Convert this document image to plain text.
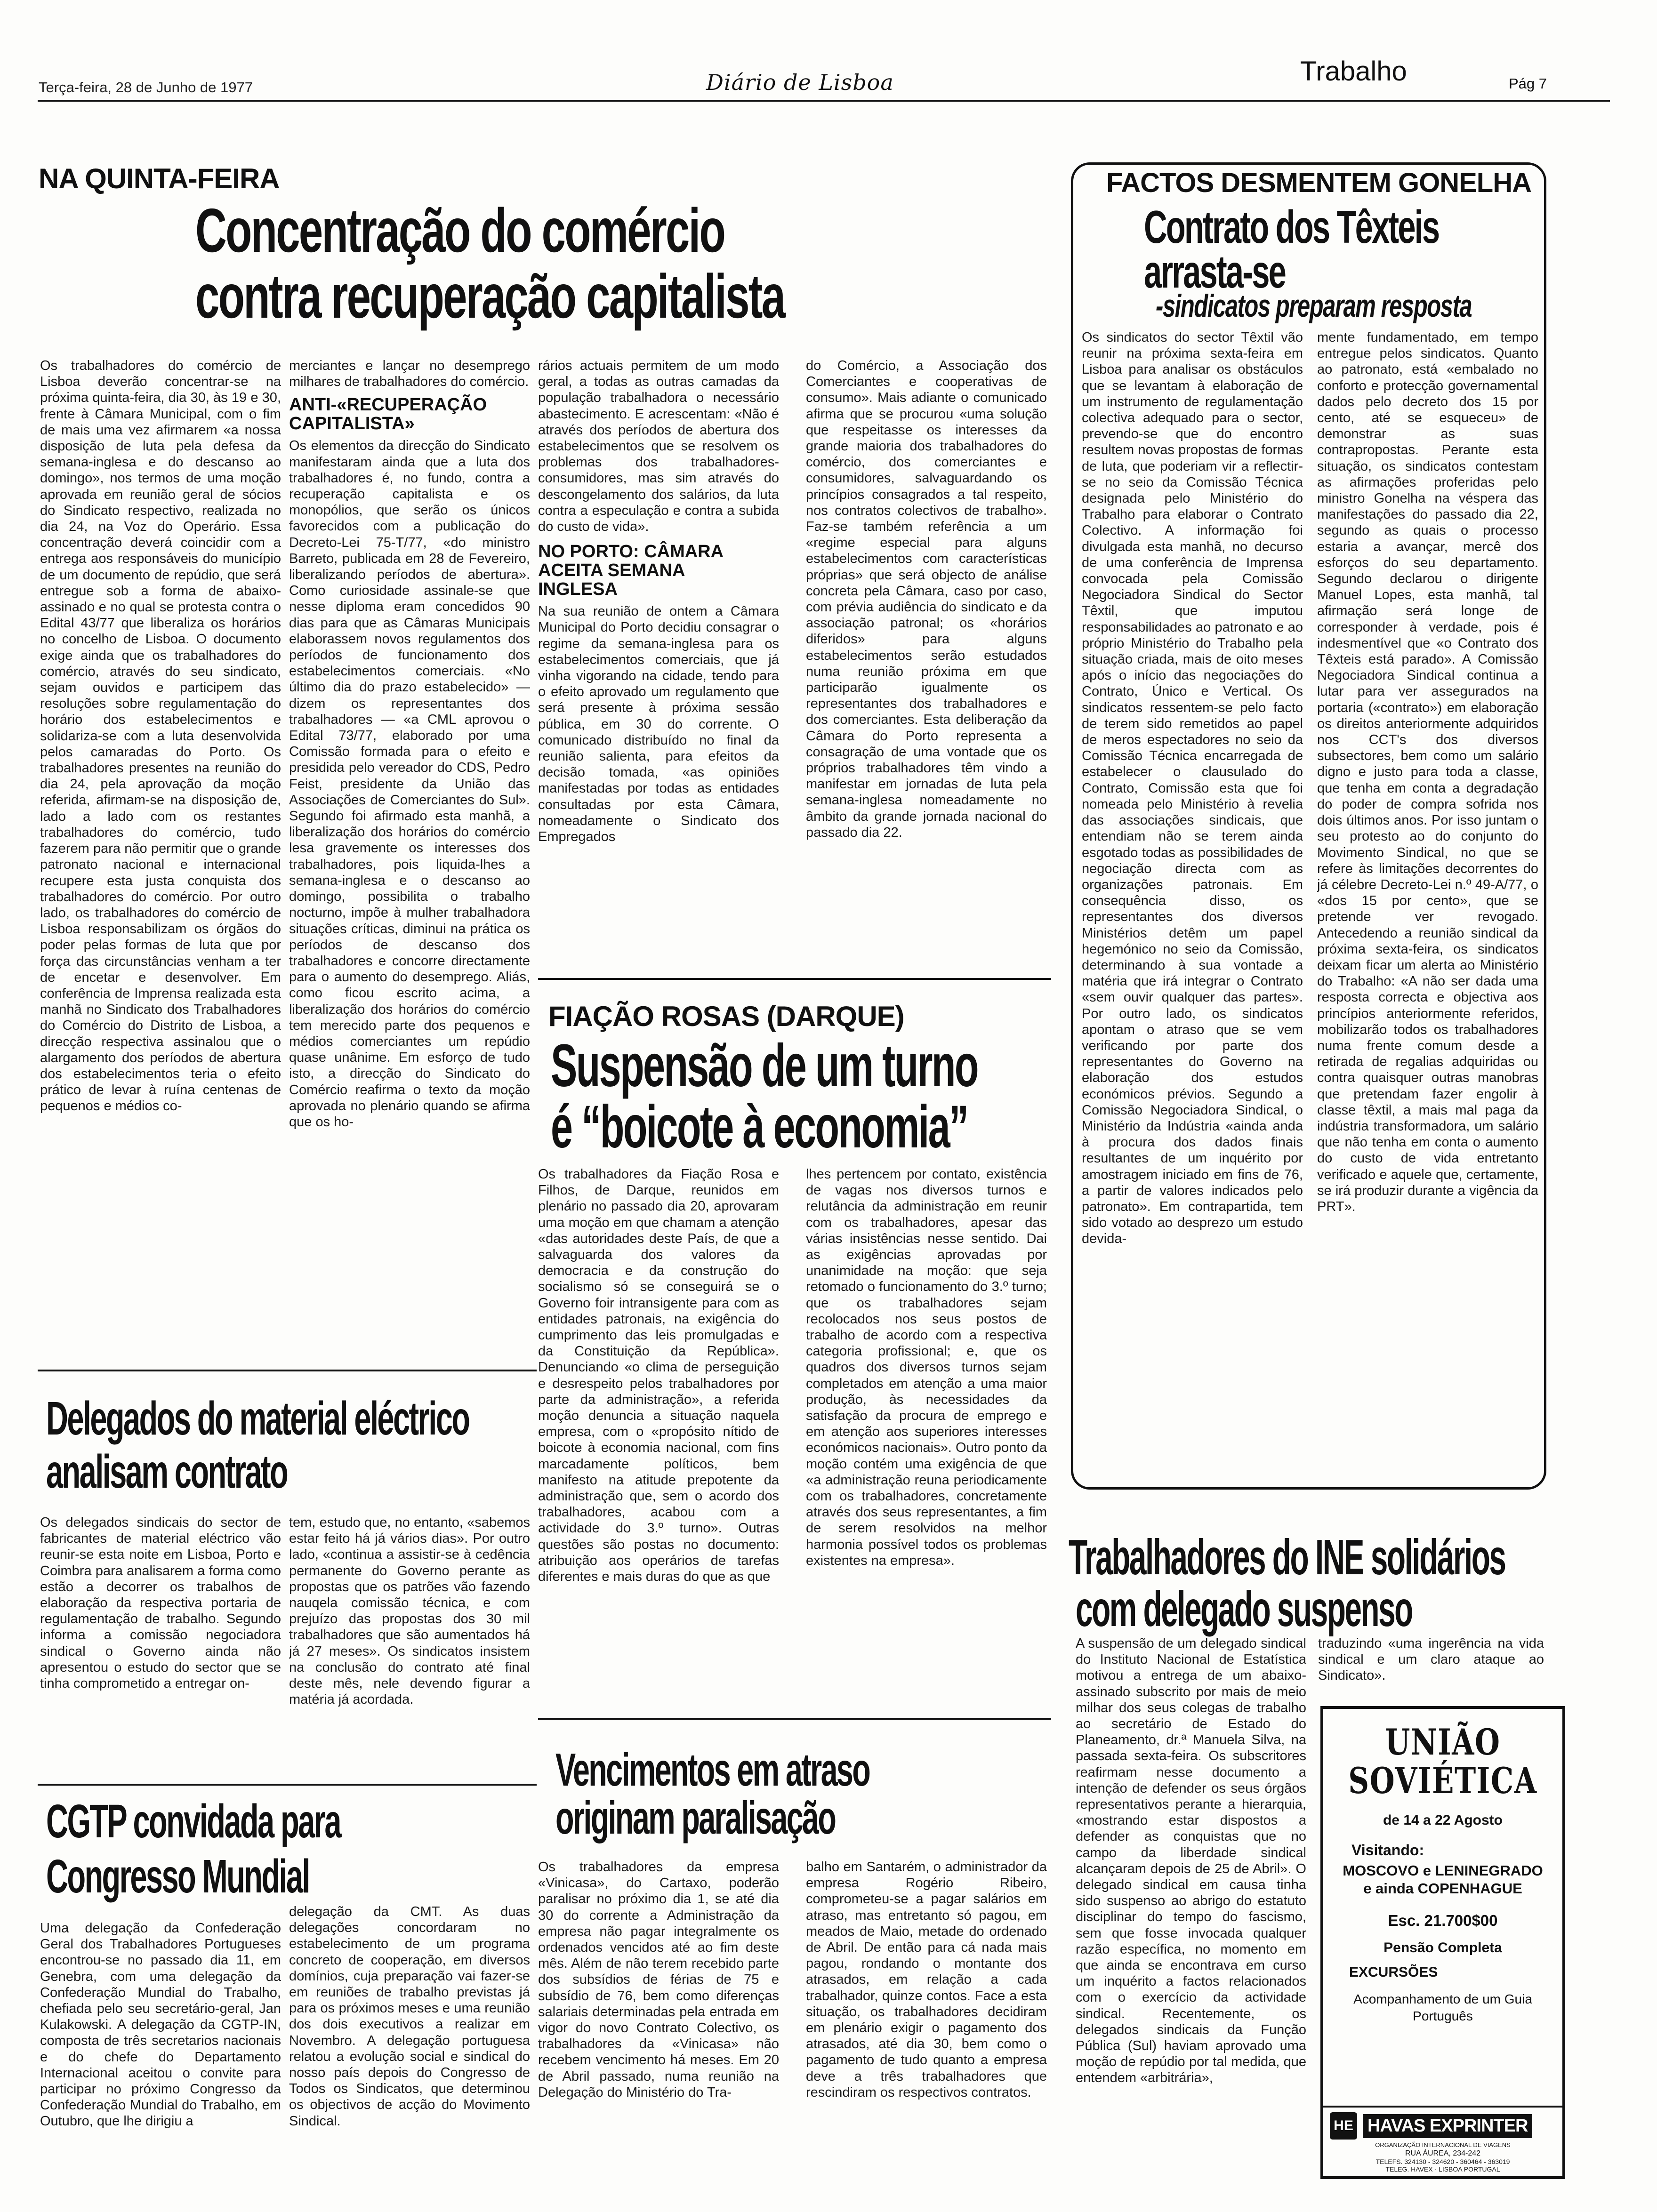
Terça-feira, 28 de Junho de 1977	Diário de Lisboa	Trabalho	Pág 7
NA QUINTA-FEIRA
Concentração do comércio
contra recuperação capitalista
Os trabalhadores do comércio de Lisboa deverão concentrar-se na próxima quinta-feira, dia 30, às 19 e 30, frente à Câmara Municipal, com o fim de mais uma vez afirmarem «a nossa disposição de luta pela defesa da semana-inglesa e do descanso ao domingo», nos termos de uma moção aprovada em reunião geral de sócios do Sindicato respectivo, realizada no dia 24, na Voz do Operário. Essa concentração deverá coincidir com a entrega aos responsáveis do município de um documento de repúdio, que será entregue sob a forma de abaixo-assinado e no qual se protesta contra o Edital 43/77 que liberaliza os horários no concelho de Lisboa. O documento exige ainda que os trabalhadores do comércio, através do seu sindicato, sejam ouvidos e participem das resoluções sobre regulamentação do horário dos estabelecimentos e solidariza-se com a luta desenvolvida pelos camaradas do Porto. Os trabalhadores presentes na reunião do dia 24, pela aprovação da moção referida, afirmam-se na disposição de, lado a lado com os restantes trabalhadores do comércio, tudo fazerem para não permitir que o grande patronato nacional e internacional recupere esta justa conquista dos trabalhadores do comércio. Por outro lado, os trabalhadores do comércio de Lisboa responsabilizam os órgãos do poder pelas formas de luta que por força das circunstâncias venham a ter de encetar e desenvolver. Em conferência de Imprensa realizada esta manhã no Sindicato dos Trabalhadores do Comércio do Distrito de Lisboa, a direcção respectiva assinalou que o alargamento dos períodos de abertura dos estabelecimentos teria o efeito prático de levar à ruína centenas de pequenos e médios co-
merciantes e lançar no desemprego milhares de trabalhadores do comércio.
ANTI-«RECUPERAÇÃO CAPITALISTA»
Os elementos da direcção do Sindicato manifestaram ainda que a luta dos trabalhadores é, no fundo, contra a recuperação capitalista e os monopólios, que serão os únicos favorecidos com a publicação do Decreto-Lei 75-T/77, «do ministro Barreto, publicada em 28 de Fevereiro, liberalizando períodos de abertura». Como curiosidade assinale-se que nesse diploma eram concedidos 90 dias para que as Câmaras Municipais elaborassem novos regulamentos dos períodos de funcionamento dos estabelecimentos comerciais. «No último dia do prazo estabelecido» — dizem os representantes dos trabalhadores — «a CML aprovou o Edital 73/77, elaborado por uma Comissão formada para o efeito e presidida pelo vereador do CDS, Pedro Feist, presidente da União das Associações de Comerciantes do Sul». Segundo foi afirmado esta manhã, a liberalização dos horários do comércio lesa gravemente os interesses dos trabalhadores, pois liquida-lhes a semana-inglesa e o descanso ao domingo, possibilita o trabalho nocturno, impõe à mulher trabalhadora situações críticas, diminui na prática os períodos de descanso dos trabalhadores e concorre directamente para o aumento do desemprego. Aliás, como ficou escrito acima, a liberalização dos horários do comércio tem merecido parte dos pequenos e médios comerciantes um repúdio quase unânime. Em esforço de tudo isto, a direcção do Sindicato do Comércio reafirma o texto da moção aprovada no plenário quando se afirma que os ho-
rários actuais permitem de um modo geral, a todas as outras camadas da população trabalhadora o necessário abastecimento. E acrescentam: «Não é através dos períodos de abertura dos estabelecimentos que se resolvem os problemas dos trabalhadores-consumidores, mas sim através do descongelamento dos salários, da luta contra a especulação e contra a subida do custo de vida».
NO PORTO: CÂMARA ACEITA SEMANA INGLESA
Na sua reunião de ontem a Câmara Municipal do Porto decidiu consagrar o regime da semana-inglesa para os estabelecimentos comerciais, que já vinha vigorando na cidade, tendo para o efeito aprovado um regulamento que será presente à próxima sessão pública, em 30 do corrente. O comunicado distribuído no final da reunião salienta, para efeitos da decisão tomada, «as opiniões manifestadas por todas as entidades consultadas por esta Câmara, nomeadamente o Sindicato dos Empregados
do Comércio, a Associação dos Comerciantes e cooperativas de consumo». Mais adiante o comunicado afirma que se procurou «uma solução que respeitasse os interesses da grande maioria dos trabalhadores do comércio, dos comerciantes e consumidores, salvaguardando os princípios consagrados a tal respeito, nos contratos colectivos de trabalho». Faz-se também referência a um «regime especial para alguns estabelecimentos com características próprias» que será objecto de análise concreta pela Câmara, caso por caso, com prévia audiência do sindicato e da associação patronal; os «horários diferidos» para alguns estabelecimentos serão estudados numa reunião próxima em que participarão igualmente os representantes dos trabalhadores e dos comerciantes. Esta deliberação da Câmara do Porto representa a consagração de uma vontade que os próprios trabalhadores têm vindo a manifestar em jornadas de luta pela semana-inglesa nomeadamente no âmbito da grande jornada nacional do passado dia 22.
FACTOS DESMENTEM GONELHA
Contrato dos Têxteis
arrasta-se
-sindicatos preparam resposta
Os sindicatos do sector Têxtil vão reunir na próxima sexta-feira em Lisboa para analisar os obstáculos que se levantam à elaboração de um instrumento de regulamentação colectiva adequado para o sector, prevendo-se que do encontro resultem novas propostas de formas de luta, que poderiam vir a reflectir-se no seio da Comissão Técnica designada pelo Ministério do Trabalho para elaborar o Contrato Colectivo. A informação foi divulgada esta manhã, no decurso de uma conferência de Imprensa convocada pela Comissão Negociadora Sindical do Sector Têxtil, que imputou responsabilidades ao patronato e ao próprio Ministério do Trabalho pela situação criada, mais de oito meses após o início das negociações do Contrato, Único e Vertical. Os sindicatos ressentem-se pelo facto de terem sido remetidos ao papel de meros espectadores no seio da Comissão Técnica encarregada de estabelecer o clausulado do Contrato, Comissão esta que foi nomeada pelo Ministério à revelia das associações sindicais, que entendiam não se terem ainda esgotado todas as possibilidades de negociação directa com as organizações patronais. Em consequência disso, os representantes dos diversos Ministérios detêm um papel hegemónico no seio da Comissão, determinando à sua vontade a matéria que irá integrar o Contrato «sem ouvir qualquer das partes». Por outro lado, os sindicatos apontam o atraso que se vem verificando por parte dos representantes do Governo na elaboração dos estudos económicos prévios. Segundo a Comissão Negociadora Sindical, o Ministério da Indústria «ainda anda à procura dos dados finais resultantes de um inquérito por amostragem iniciado em fins de 76, a partir de valores indicados pelo patronato». Em contrapartida, tem sido votado ao desprezo um estudo devida-
mente fundamentado, em tempo entregue pelos sindicatos. Quanto ao patronato, está «embalado no conforto e protecção governamental dados pelo decreto dos 15 por cento, até se esqueceu» de demonstrar as suas contrapropostas. Perante esta situação, os sindicatos contestam as afirmações proferidas pelo ministro Gonelha na véspera das manifestações do passado dia 22, segundo as quais o processo estaria a avançar, mercê dos esforços do seu departamento. Segundo declarou o dirigente Manuel Lopes, esta manhã, tal afirmação será longe de corresponder à verdade, pois é indesmentível que «o Contrato dos Têxteis está parado». A Comissão Negociadora Sindical continua a lutar para ver assegurados na portaria («contrato») em elaboração os direitos anteriormente adquiridos nos CCT's dos diversos subsectores, bem como um salário digno e justo para toda a classe, que tenha em conta a degradação do poder de compra sofrida nos dois últimos anos. Por isso juntam o seu protesto ao do conjunto do Movimento Sindical, no que se refere às limitações decorrentes do já célebre Decreto-Lei n.º 49-A/77, o «dos 15 por cento», que se pretende ver revogado. Antecedendo a reunião sindical da próxima sexta-feira, os sindicatos deixam ficar um alerta ao Ministério do Trabalho: «A não ser dada uma resposta correcta e objectiva aos princípios anteriormente referidos, mobilizarão todos os trabalhadores numa frente comum desde a retirada de regalias adquiridas ou contra quaisquer outras manobras que pretendam fazer engolir à classe têxtil, a mais mal paga da indústria transformadora, um salário que não tenha em conta o aumento do custo de vida entretanto verificado e aquele que, certamente, se irá produzir durante a vigência da PRT».
FIAÇÃO ROSAS (DARQUE)
Suspensão de um turno
é “boicote à economia”
Os trabalhadores da Fiação Rosa e Filhos, de Darque, reunidos em plenário no passado dia 20, aprovaram uma moção em que chamam a atenção «das autoridades deste País, de que a salvaguarda dos valores da democracia e da construção do socialismo só se conseguirá se o Governo foir intransigente para com as entidades patronais, na exigência do cumprimento das leis promulgadas e da Constituição da República». Denunciando «o clima de perseguição e desrespeito pelos trabalhadores por parte da administração», a referida moção denuncia a situação naquela empresa, com o «propósito nítido de boicote à economia nacional, com fins marcadamente políticos, bem manifesto na atitude prepotente da administração que, sem o acordo dos trabalhadores, acabou com a actividade do 3.º turno». Outras questões são postas no documento: atribuição aos operários de tarefas diferentes e mais duras do que as que
lhes pertencem por contato, existência de vagas nos diversos turnos e relutância da administração em reunir com os trabalhadores, apesar das várias insistências nesse sentido. Dai as exigências aprovadas por unanimidade na moção: que seja retomado o funcionamento do 3.º turno; que os trabalhadores sejam recolocados nos seus postos de trabalho de acordo com a respectiva categoria profissional; e, que os quadros dos diversos turnos sejam completados em atenção a uma maior produção, às necessidades da satisfação da procura de emprego e em atenção aos superiores interesses económicos nacionais». Outro ponto da moção contém uma exigência de que «a administração reuna periodicamente com os trabalhadores, concretamente através dos seus representantes, a fim de serem resolvidos na melhor harmonia possível todos os problemas existentes na empresa».
Delegados do material eléctrico
analisam contrato
Os delegados sindicais do sector de fabricantes de material eléctrico vão reunir-se esta noite em Lisboa, Porto e Coimbra para analisarem a forma como estão a decorrer os trabalhos de elaboração da respectiva portaria de regulamentação de trabalho. Segundo informa a comissão negociadora sindical o Governo ainda não apresentou o estudo do sector que se tinha comprometido a entregar on-
tem, estudo que, no entanto, «sabemos estar feito há já vários dias». Por outro lado, «continua a assistir-se à cedência permanente do Governo perante as propostas que os patrões vão fazendo nauqela comissão técnica, e com prejuízo das propostas dos 30 mil trabalhadores que são aumentados há já 27 meses». Os sindicatos insistem na conclusão do contrato até final deste mês, nele devendo figurar a matéria já acordada.
CGTP convidada para
Congresso Mundial
Uma delegação da Confederação Geral dos Trabalhadores Portugueses encontrou-se no passado dia 11, em Genebra, com uma delegação da Confederação Mundial do Trabalho, chefiada pelo seu secretário-geral, Jan Kulakowski. A delegação da CGTP-IN, composta de três secretarios nacionais e do chefe do Departamento Internacional aceitou o convite para participar no próximo Congresso da Confederação Mundial do Trabalho, em Outubro, que lhe dirigiu a
delegação da CMT. As duas delegações concordaram no estabelecimento de um programa concreto de cooperação, em diversos domínios, cuja preparação vai fazer-se em reuniões de trabalho previstas já para os próximos meses e uma reunião dos dois executivos a realizar em Novembro. A delegação portuguesa relatou a evolução social e sindical do nosso país depois do Congresso de Todos os Sindicatos, que determinou os objectivos de acção do Movimento Sindical.
Vencimentos em atraso
originam paralisação
Os trabalhadores da empresa «Vinicasa», do Cartaxo, poderão paralisar no próximo dia 1, se até dia 30 do corrente a Administração da empresa não pagar integralmente os ordenados vencidos até ao fim deste mês. Além de não terem recebido parte dos subsídios de férias de 75 e subsídio de 76, bem como diferenças salariais determinadas pela entrada em vigor do novo Contrato Colectivo, os trabalhadores da «Vinicasa» não recebem vencimento há meses. Em 20 de Abril passado, numa reunião na Delegação do Ministério do Tra-
balho em Santarém, o administrador da empresa Rogério Ribeiro, comprometeu-se a pagar salários em atraso, mas entretanto só pagou, em meados de Maio, metade do ordenado de Abril. De então para cá nada mais pagou, rondando o montante dos atrasados, em relação a cada trabalhador, quinze contos. Face a esta situação, os trabalhadores decidiram em plenário exigir o pagamento dos atrasados, até dia 30, bem como o pagamento de tudo quanto a empresa deve a três trabalhadores que rescindiram os respectivos contratos.
Trabalhadores do INE solidários
com delegado suspenso
A suspensão de um delegado sindical do Instituto Nacional de Estatística motivou a entrega de um abaixo-assinado subscrito por mais de meio milhar dos seus colegas de trabalho ao secretário de Estado do Planeamento, dr.ª Manuela Silva, na passada sexta-feira. Os subscritores reafirmam nesse documento a intenção de defender os seus órgãos representativos perante a hierarquia, «mostrando estar dispostos a defender as conquistas que no campo da liberdade sindical alcançaram depois de 25 de Abril». O delegado sindical em causa tinha sido suspenso ao abrigo do estatuto disciplinar do tempo do fascismo, sem que fosse invocada qualquer razão específica, no momento em que ainda se encontrava em curso um inquérito a factos relacionados com o exercício da actividade sindical. Recentemente, os delegados sindicais da Função Pública (Sul) haviam aprovado uma moção de repúdio por tal medida, que entendem «arbitrária»,
traduzindo «uma ingerência na vida sindical e um claro ataque ao Sindicato».
UNIÃO
SOVIÉTICA
de 14 a 22 Agosto
Visitando:
MOSCOVO e LENINEGRADO e ainda COPENHAGUE
Esc. 21.700$00
Pensão Completa
EXCURSÕES
Acompanhamento de um Guia Português
HE HAVAS EXPRINTER
ORGANIZAÇÃO INTERNACIONAL DE VIAGENS
RUA ÁUREA, 234-242
TELEFS. 324130 - 324620 - 360464 - 363019
TELEG. HAVEX · LISBOA PORTUGAL
